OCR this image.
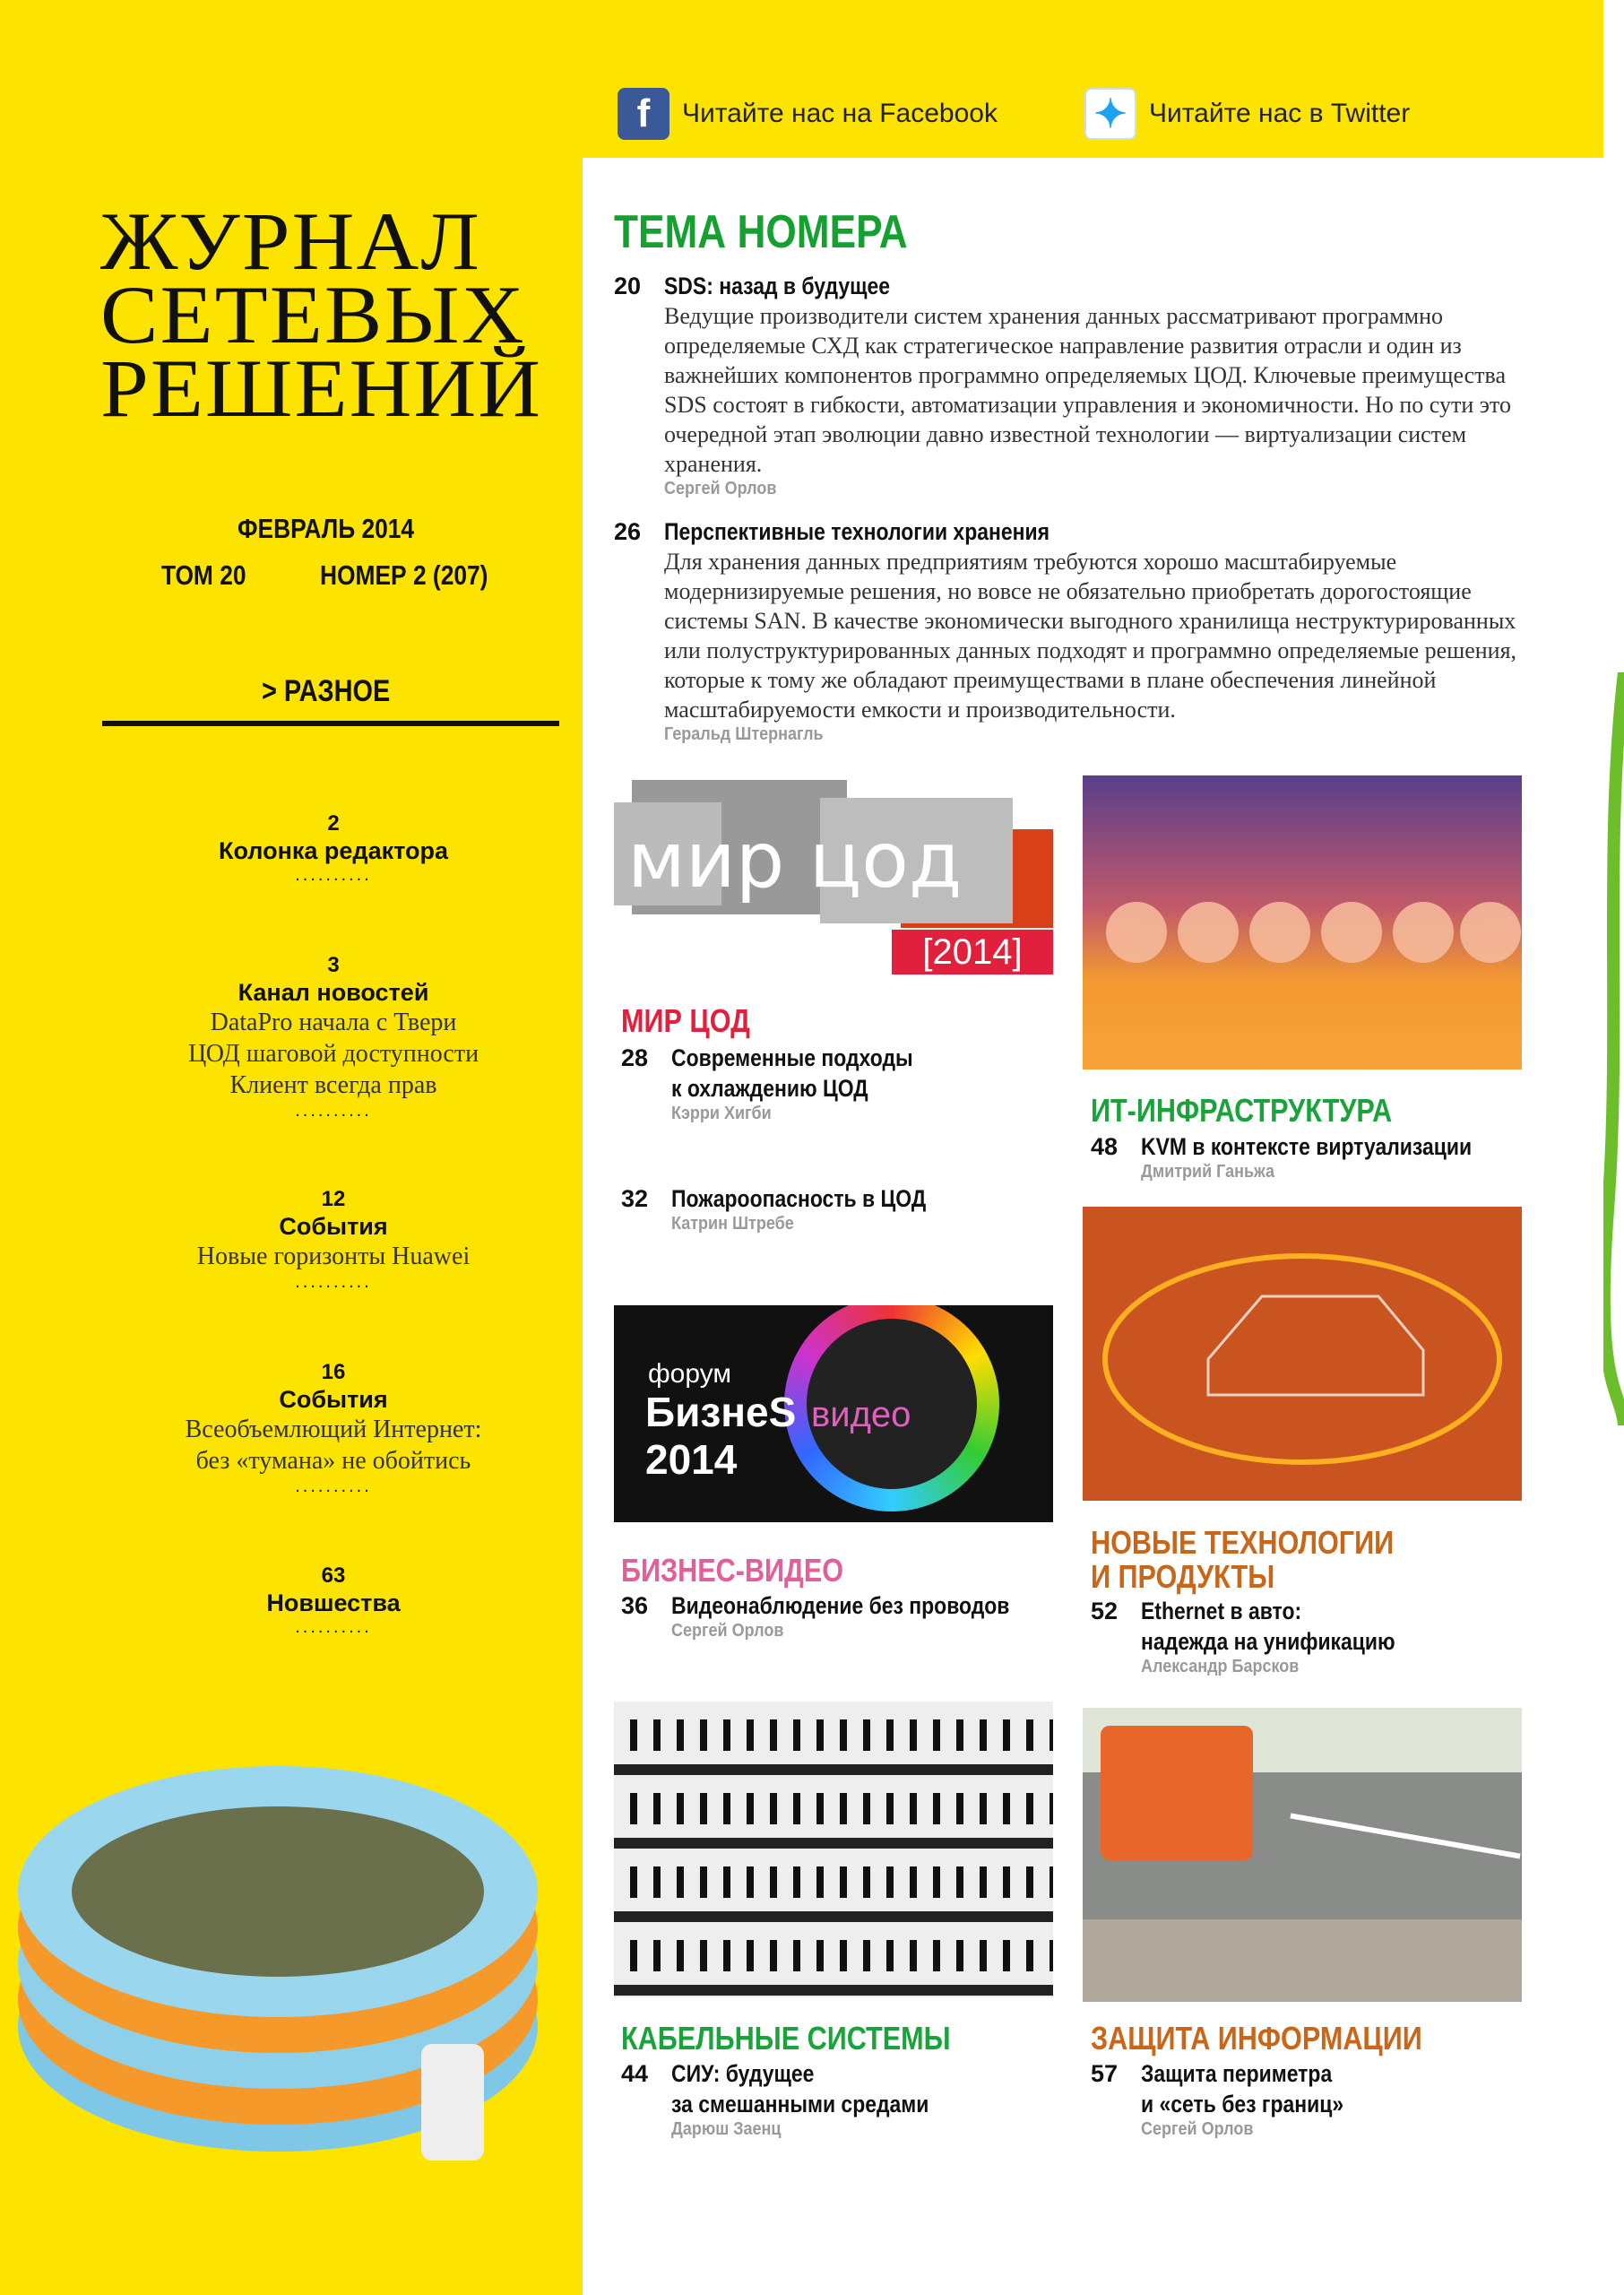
f	Читайте нас на Facebook ✦ Читайте нас в Twitter
ЖУРНАЛ
СЕТЕВЫХ
РЕШЕНИЙ
ФЕВРАЛЬ 2014
ТОМ 20	НОМЕР 2 (207)
> РАЗНОЕ
2
Колонка редактора
..........
3
Канал новостей
DataPro начала с Твери
ЦОД шаговой доступности
Клиент всегда прав
..........
12
События
Новые горизонты Huawei
..........
16
События
Всеобъемлющий Интернет:
без «тумана» не обойтись
..........
63
Новшества
..........
ТЕМА НОМЕРА
20 SDS: назад в будущее
Ведущие производители систем хранения данных рассматривают программно определяемые СХД как стратегическое направление развития отрасли и один из важнейших компонентов программно определяемых ЦОД. Ключевые преимущества SDS состоят в гибкости, автоматизации управления и экономичности. Но по сути это очередной этап эволюции давно известной технологии — виртуализации систем хранения.
Сергей Орлов
26 Перспективные технологии хранения
Для хранения данных предприятиям требуются хорошо масштабируемые модернизируемые решения, но вовсе не обязательно приобретать дорогостоящие системы SAN. В качестве экономически выгодного хранилища неструктурированных или полуструктурированных данных подходят и программно определяемые решения, которые к тому же обладают преимуществами в плане обеспечения линейной масштабируемости емкости и производительности.
Геральд Штернагль
мир цод
[2014]
МИР ЦОД
28 Современные подходы
к охлаждению ЦОД
Кэрри Хигби
32 Пожароопасность в ЦОД
Катрин Штребе
ИТ-ИНФРАСТРУКТУРА
48 KVM в контексте виртуализации
Дмитрий Ганьжа
форум
БизнеS видео
2014
БИЗНЕС-ВИДЕО
36 Видеонаблюдение без проводов
Сергей Орлов
НОВЫЕ ТЕХНОЛОГИИ
И ПРОДУКТЫ
52 Ethernet в авто:
надежда на унификацию
Александр Барсков
КАБЕЛЬНЫЕ СИСТЕМЫ
44 СИУ: будущее
за смешанными средами
Дарюш Заенц
ЗАЩИТА ИНФОРМАЦИИ
57 Защита периметра
и «сеть без границ»
Сергей Орлов
